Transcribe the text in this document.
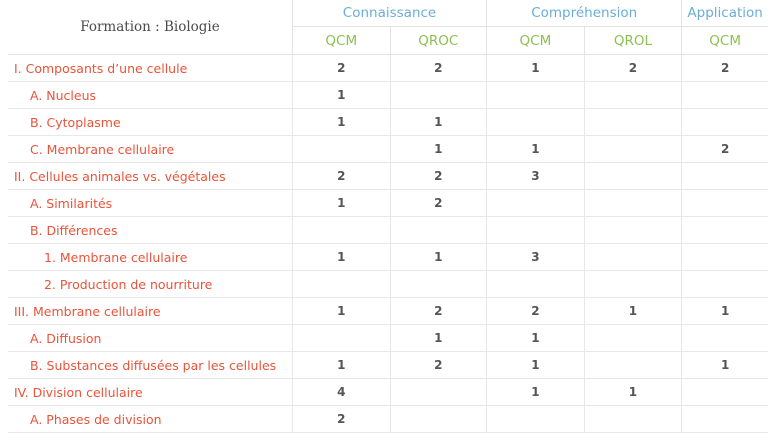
Formation : Biologie	Connaissance		Compréhension		Application
	QCM	QROC	QCM	QROL	QCM
I. Composants d’une cellule	2	2	1	2	2
A. Nucleus	1				
B. Cytoplasme	1	1			
C. Membrane cellulaire		1	1		2
II. Cellules animales vs. végétales	2	2	3		
A. Similarités	1	2			
B. Différences					
1. Membrane cellulaire	1	1	3		
2. Production de nourriture					
III. Membrane cellulaire	1	2	2	1	1
A. Diffusion		1	1		
B. Substances diffusées par les cellules	1	2	1		1
IV. Division cellulaire	4		1	1	
A. Phases de division	2				
